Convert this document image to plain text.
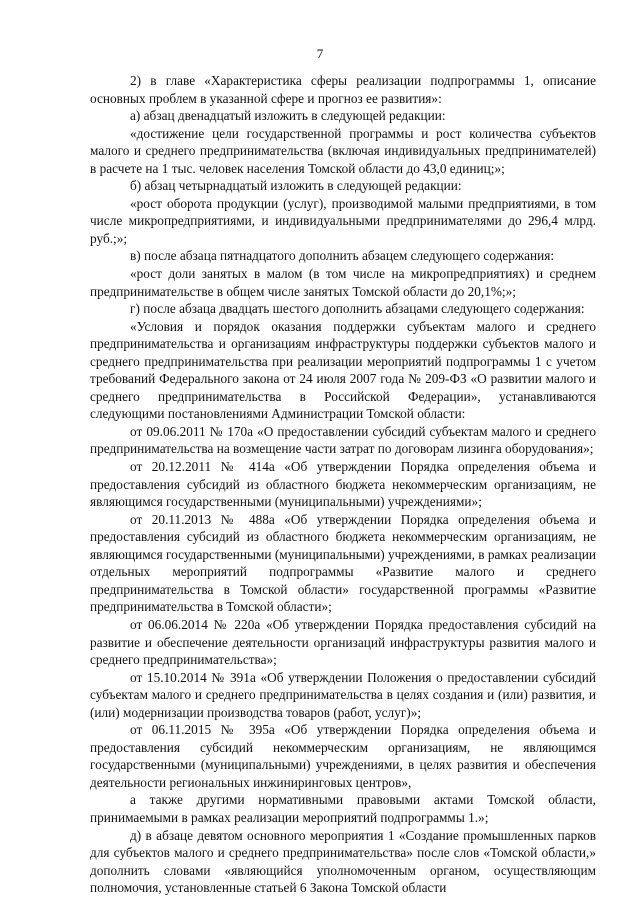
7

2) в главе «Характеристика сферы реализации подпрограммы 1, описание основных проблем в указанной сфере и прогноз ее развития»:

а) абзац двенадцатый изложить в следующей редакции:

«достижение цели государственной программы и рост количества субъектов малого и среднего предпринимательства (включая индивидуальных предпринимателей) в расчете на 1 тыс. человек населения Томской области до 43,0 единиц;»;

б) абзац четырнадцатый изложить в следующей редакции:

«рост оборота продукции (услуг), производимой малыми предприятиями, в том числе микропредприятиями, и индивидуальными предпринимателями до 296,4 млрд. руб.;»;

в) после абзаца пятнадцатого дополнить абзацем следующего содержания:

«рост доли занятых в малом (в том числе на микропредприятиях) и среднем предпринимательстве в общем числе занятых Томской области до 20,1%;»;

г) после абзаца двадцать шестого дополнить абзацами следующего содержания:

«Условия и порядок оказания поддержки субъектам малого и среднего предпринимательства и организациям инфраструктуры поддержки субъектов малого и среднего предпринимательства при реализации мероприятий подпрограммы 1 с учетом требований Федерального закона от 24 июля 2007 года № 209-ФЗ «О развитии малого и среднего предпринимательства в Российской Федерации», устанавливаются следующими постановлениями Администрации Томской области:

от 09.06.2011 № 170а «О предоставлении субсидий субъектам малого и среднего предпринимательства на возмещение части затрат по договорам лизинга оборудования»;

от 20.12.2011 № 414а «Об утверждении Порядка определения объема и предоставления субсидий из областного бюджета некоммерческим организациям, не являющимся государственными (муниципальными) учреждениями»;

от 20.11.2013 № 488а «Об утверждении Порядка определения объема и предоставления субсидий из областного бюджета некоммерческим организациям, не являющимся государственными (муниципальными) учреждениями, в рамках реализации отдельных мероприятий подпрограммы «Развитие малого и среднего предпринимательства в Томской области» государственной программы «Развитие предпринимательства в Томской области»;

от 06.06.2014 № 220а «Об утверждении Порядка предоставления субсидий на развитие и обеспечение деятельности организаций инфраструктуры развития малого и среднего предпринимательства»;

от 15.10.2014 № 391а «Об утверждении Положения о предоставлении субсидий субъектам малого и среднего предпринимательства в целях создания и (или) развития, и (или) модернизации производства товаров (работ, услуг)»;

от 06.11.2015 № 395а «Об утверждении Порядка определения объема и предоставления субсидий некоммерческим организациям, не являющимся государственными (муниципальными) учреждениями, в целях развития и обеспечения деятельности региональных инжиниринговых центров»,

а также другими нормативными правовыми актами Томской области, принимаемыми в рамках реализации мероприятий подпрограммы 1.»;

д) в абзаце девятом основного мероприятия 1 «Создание промышленных парков для субъектов малого и среднего предпринимательства» после слов «Томской области,» дополнить словами «являющийся уполномоченным органом, осуществляющим полномочия, установленные статьей 6 Закона Томской области
